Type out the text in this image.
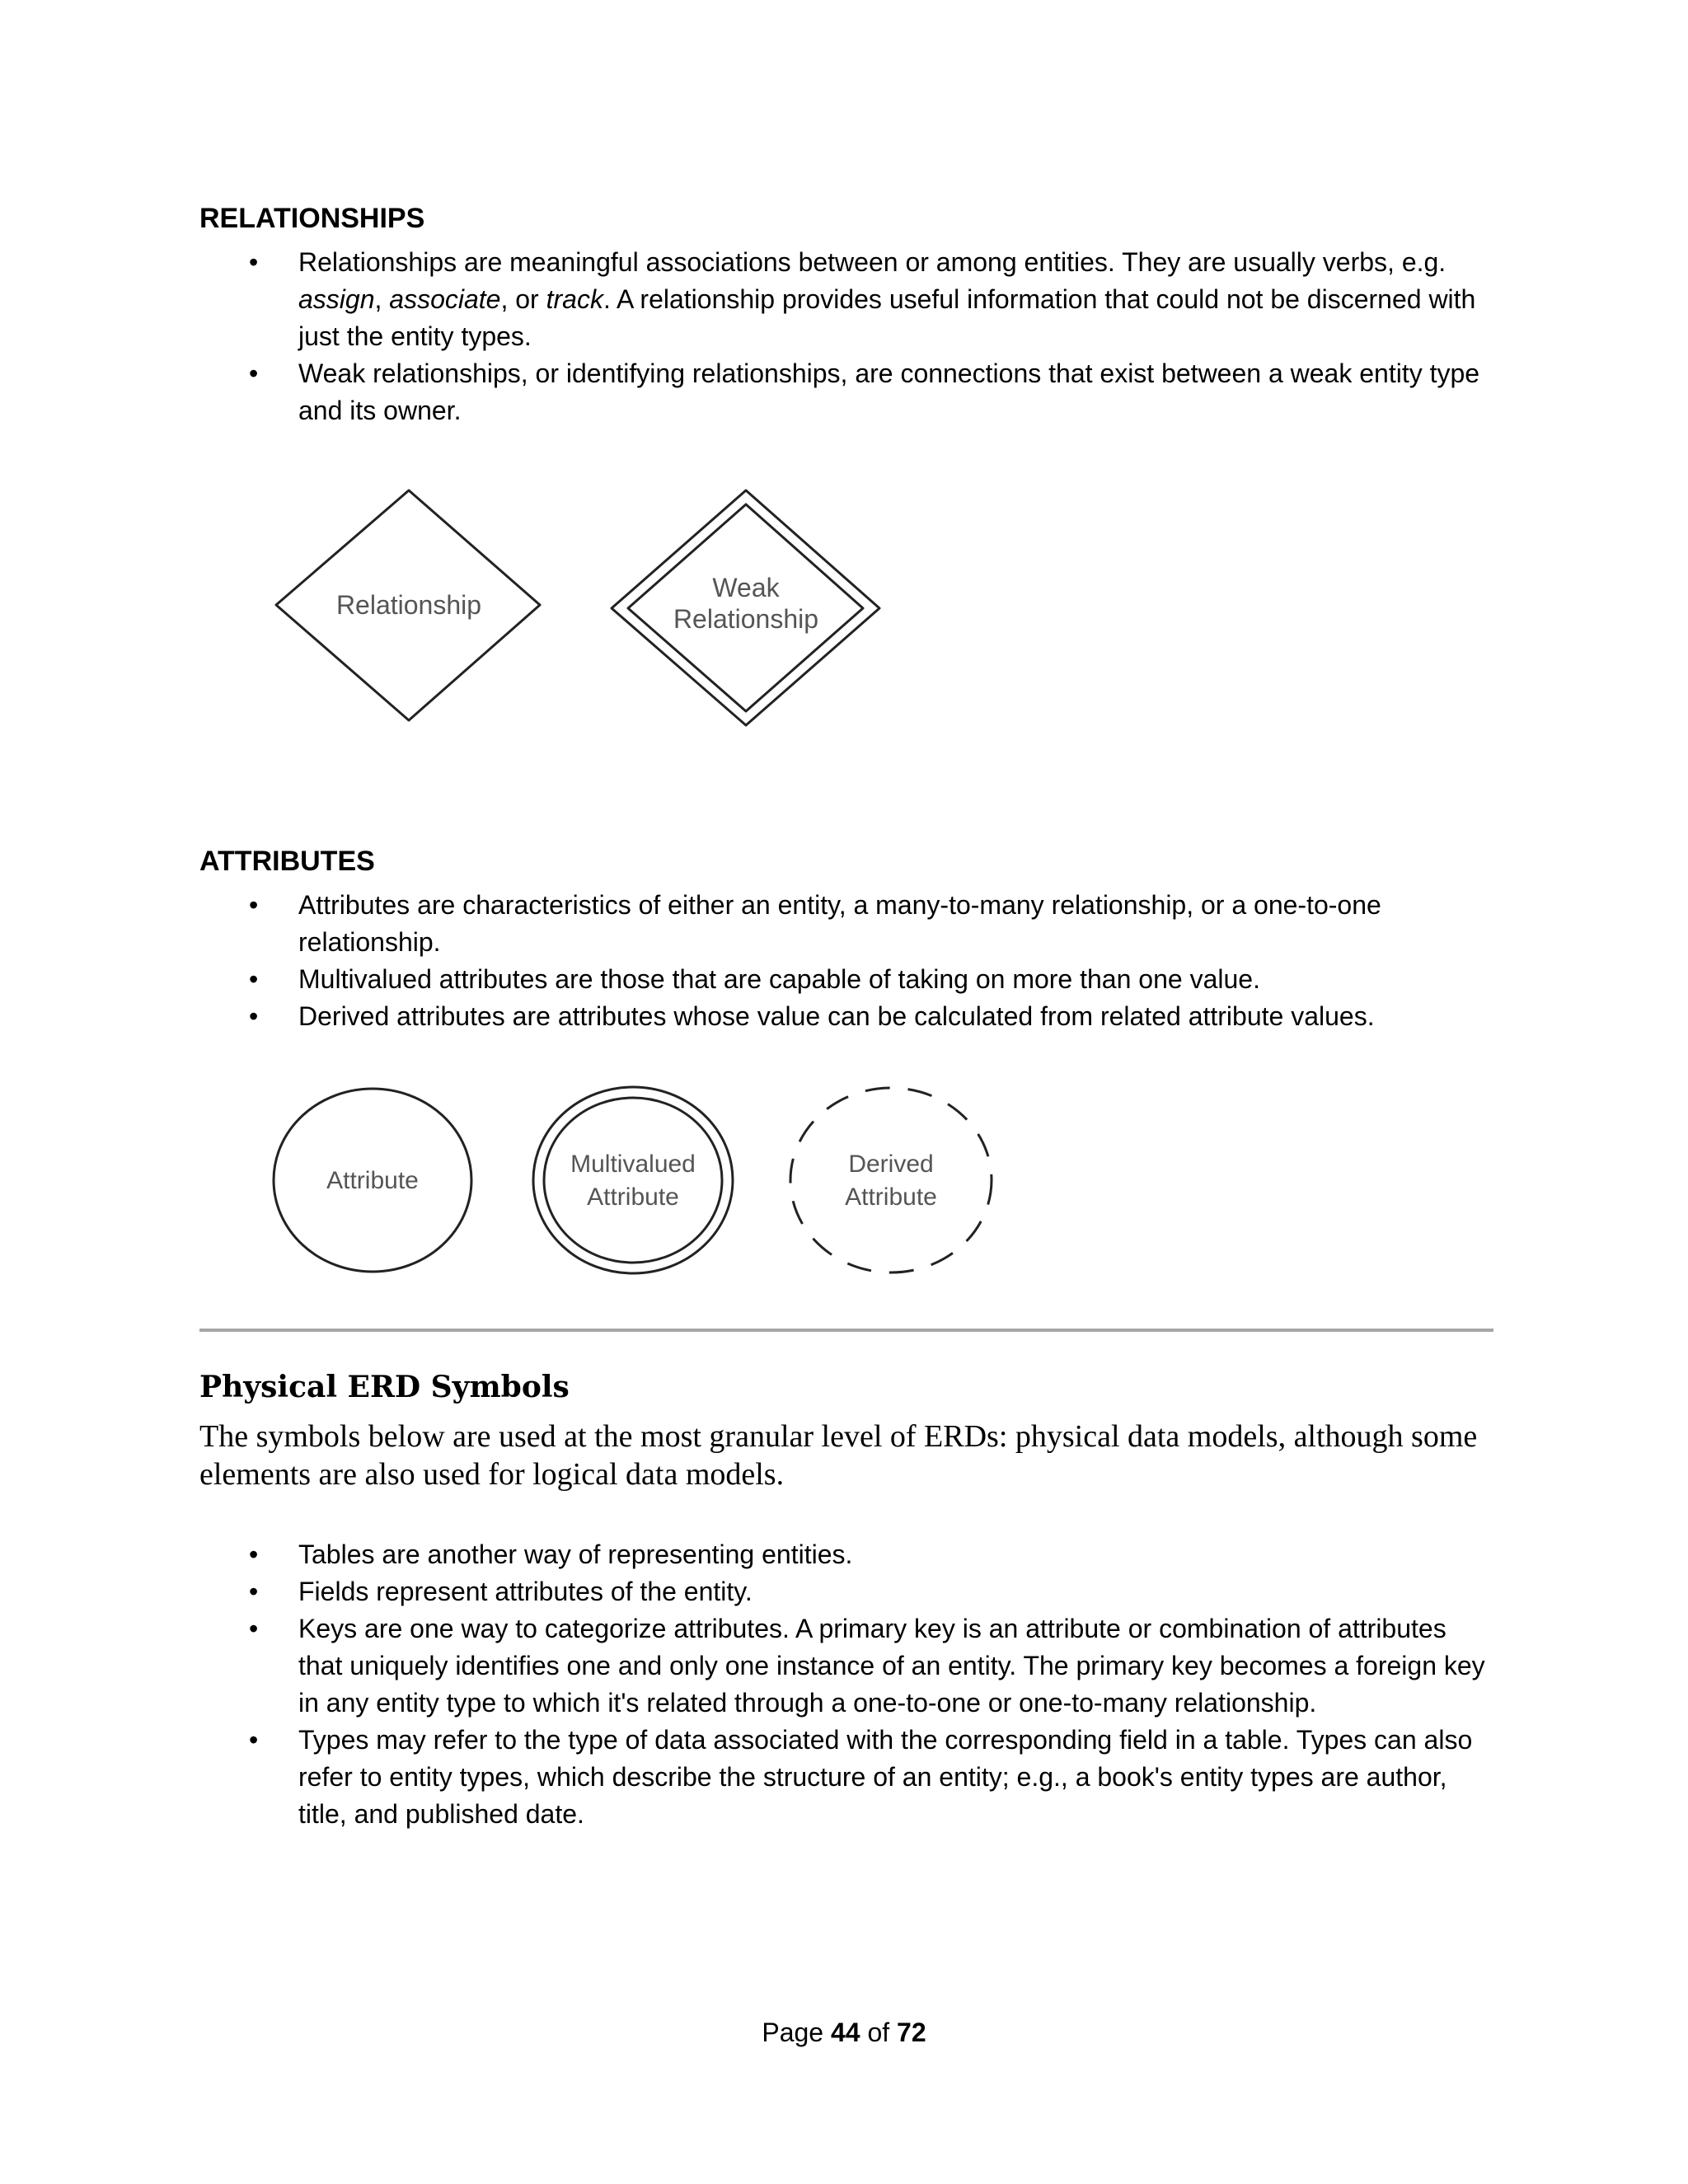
RELATIONSHIPS
• Relationships are meaningful associations between or among entities. They are usually verbs, e.g. assign, associate, or track. A relationship provides useful information that could not be discerned with just the entity types.
• Weak relationships, or identifying relationships, are connections that exist between a weak entity type and its owner.
Relationship
Weak
Relationship
Attribute
Multivalued
Attribute
Derived
Attribute
ATTRIBUTES
• Attributes are characteristics of either an entity, a many-to-many relationship, or a one-to-one relationship.
• Multivalued attributes are those that are capable of taking on more than one value.
• Derived attributes are attributes whose value can be calculated from related attribute values.
Physical ERD Symbols

The symbols below are used at the most granular level of ERDs: physical data models, although some elements are also used for logical data models.

• Tables are another way of representing entities.
• Fields represent attributes of the entity.
• Keys are one way to categorize attributes. A primary key is an attribute or combination of attributes that uniquely identifies one and only one instance of an entity. The primary key becomes a foreign key in any entity type to which it's related through a one-to-one or one-to-many relationship.
• Types may refer to the type of data associated with the corresponding field in a table. Types can also refer to entity types, which describe the structure of an entity; e.g., a book's entity types are author, title, and published date.
Page 44 of 72
